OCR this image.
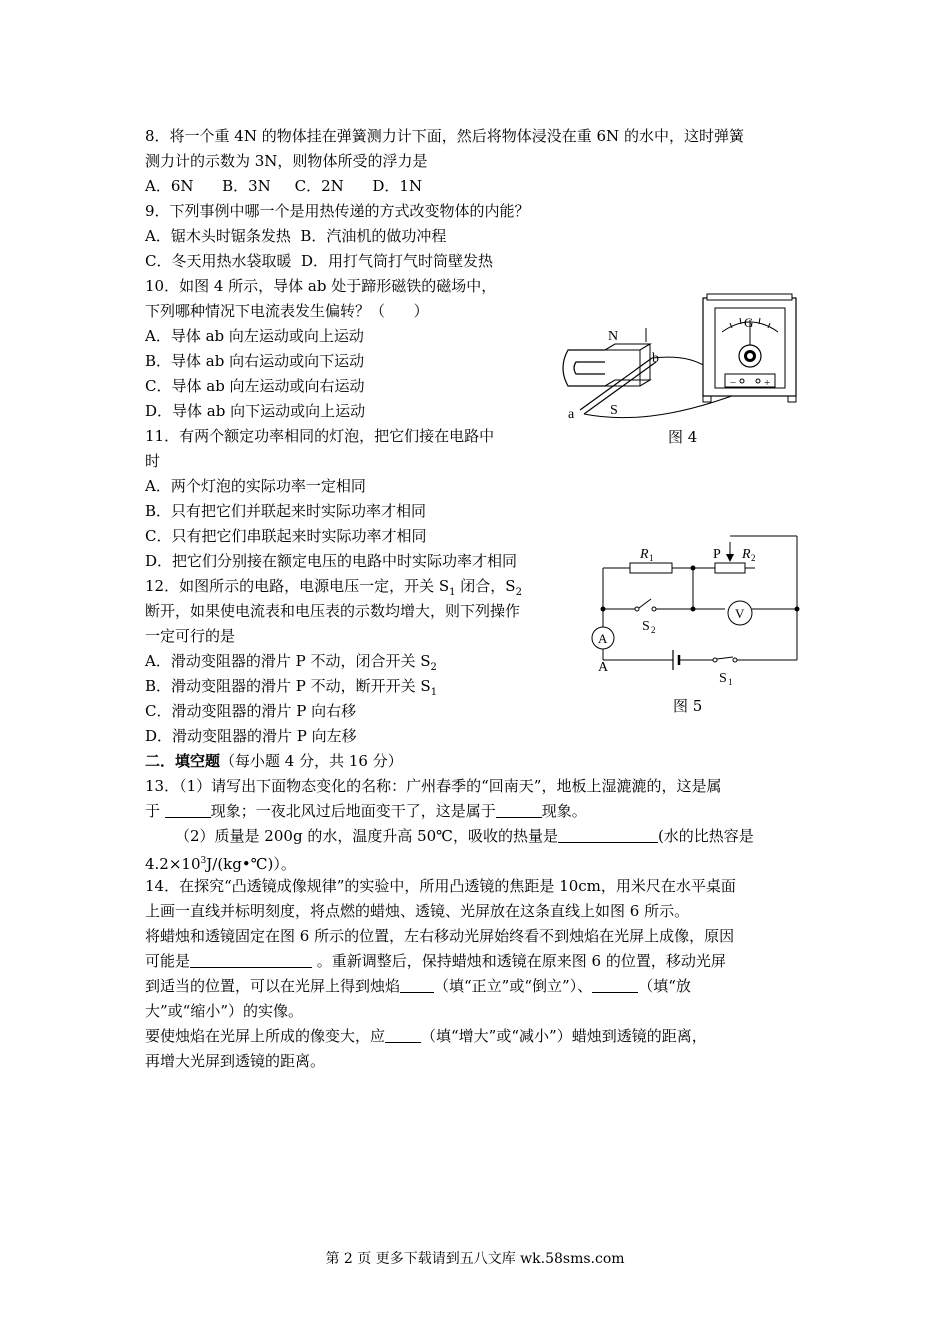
8．将一个重 4N 的物体挂在弹簧测力计下面，然后将物体浸没在重 6N 的水中，这时弹簧
测力计的示数为 3N，则物体所受的浮力是
A．6N      B．3N     C．2N      D．1N
9．下列事例中哪一个是用热传递的方式改变物体的内能？
A．锯木头时锯条发热  B．汽油机的做功冲程
C．冬天用热水袋取暖  D．用打气筒打气时筒壁发热
10．如图 4 所示，导体 ab 处于蹄形磁铁的磁场中，
下列哪种情况下电流表发生偏转？（      ）
A．导体 ab 向左运动或向上运动
B．导体 ab 向右运动或向下运动
C．导体 ab 向左运动或向右运动
D．导体 ab 向下运动或向上运动
N
b
a	S
G
−	+
图 4
11．有两个额定功率相同的灯泡，把它们接在电路中
时
A．两个灯泡的实际功率一定相同
B．只有把它们并联起来时实际功率才相同
C．只有把它们串联起来时实际功率才相同
D．把它们分别接在额定电压的电路中时实际功率才相同
12．如图所示的电路，电源电压一定，开关 $S_1$ 闭合，$S_2$
断开，如果使电流表和电压表的示数均增大，则下列操作
一定可行的是
A．滑动变阻器的滑片 P 不动，闭合开关 $S_2$
B．滑动变阻器的滑片 P 不动，断开开关 $S_1$
C．滑动变阻器的滑片 P 向右移
D．滑动变阻器的滑片 P 向左移
R 1	P R 2
V
A
A
S 2
S 1
图 5
二．填空题（每小题 4 分，共 16 分）
13．（1）请写出下面物态变化的名称：广州春季的“回南天”，地板上湿漉漉的，这是属
于	现象；一夜北风过后地面变干了，这是属于	现象。
（2）质量是 200g 的水，温度升高 50℃，吸收的热量是	(水的比热容是
$4.2\times 10^3J/(kg•℃)$）。
14．在探究“凸透镜成像规律”的实验中，所用凸透镜的焦距是 10cm，用米尺在水平桌面
上画一直线并标明刻度，将点燃的蜡烛、透镜、光屏放在这条直线上如图 6 所示。
将蜡烛和透镜固定在图 6 所示的位置，左右移动光屏始终看不到烛焰在光屏上成像，原因
可能是	。重新调整后，保持蜡烛和透镜在原来图 6 的位置，移动光屏
到适当的位置，可以在光屏上得到烛焰 （填“正立”或“倒立”）、	（填“放
大”或“缩小”）的实像。
要使烛焰在光屏上所成的像变大，应 （填“增大”或“减小”）蜡烛到透镜的距离，
再增大光屏到透镜的距离。
第 2 页 更多下载请到五八文库 wk.58sms.com
